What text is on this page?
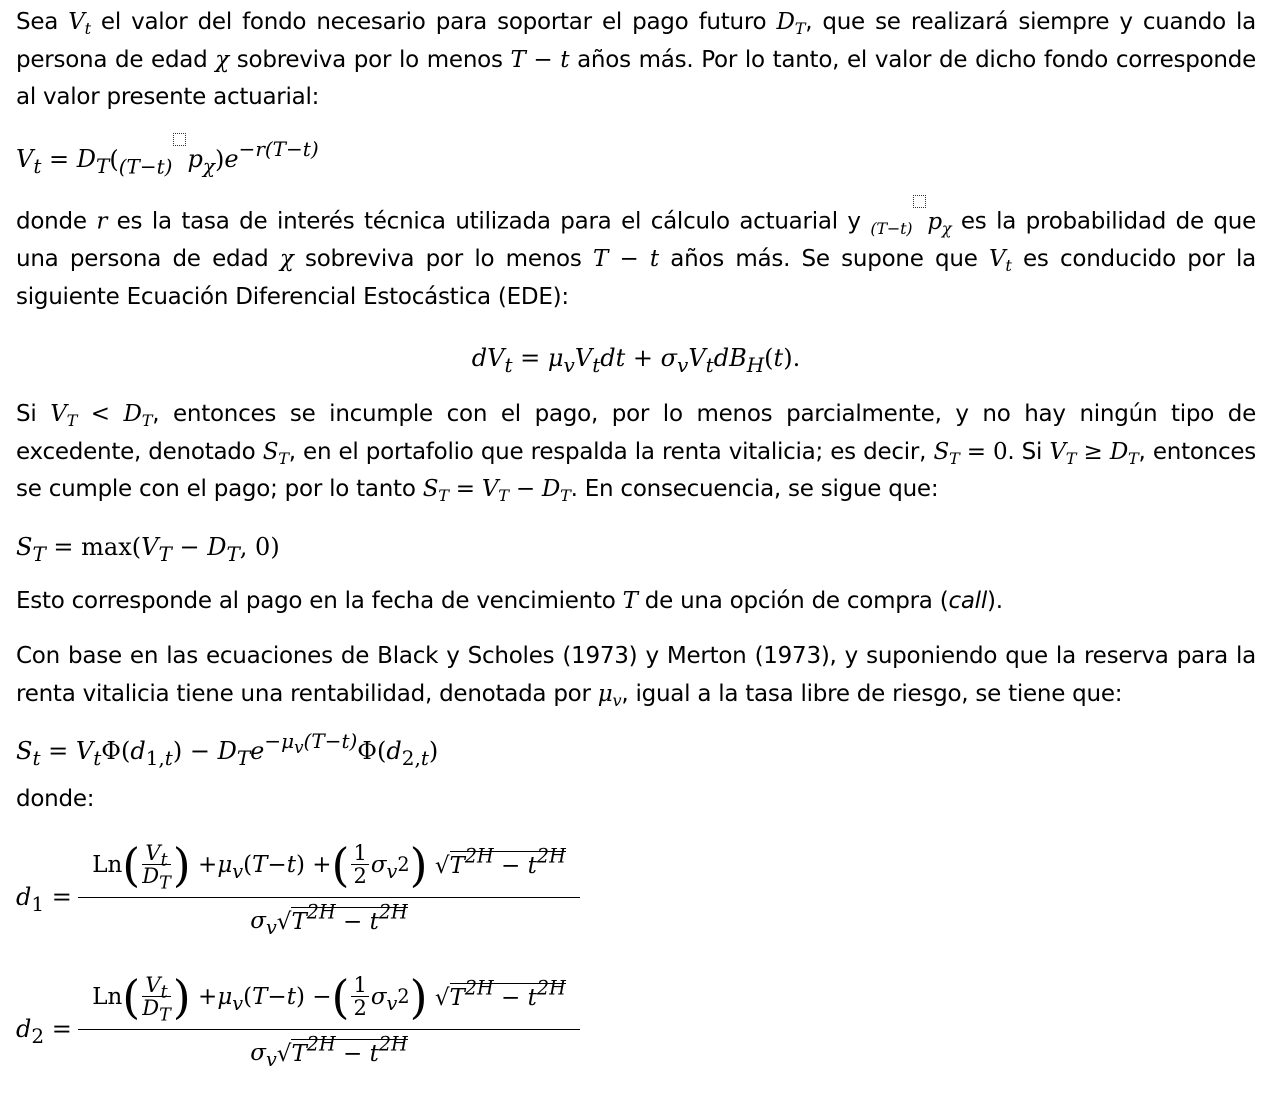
Sea $V_t$ el valor del fondo necesario para soportar el pago futuro $D_T$, que se realizará siempre y cuando la persona de edad χ sobreviva por lo menos T − t años más. Por lo tanto, el valor de dicho fondo corresponde al valor presente actuarial:

$V_t = D_T(_{(T-t)}$ $p_\chi)e^{-r(T-t)}$

donde r es la tasa de interés técnica utilizada para el cálculo actuarial y $_{(T-t)}$ $p_\chi$ es la probabilidad de que una persona de edad χ sobreviva por lo menos T − t años más. Se supone que $V_t$ es conducido por la siguiente Ecuación Diferencial Estocástica (EDE):

$dV_t = \mu_vV_tdt + \sigma_vV_tdB_H(t)$.

Si $V_T < D_T$, entonces se incumple con el pago, por lo menos parcialmente, y no hay ningún tipo de excedente, denotado $S_T$, en el portafolio que respalda la renta vitalicia; es decir, $S_T = 0$. Si $V_T \ge D_T$, entonces se cumple con el pago; por lo tanto $S_T = V_T - D_T$. En consecuencia, se sigue que:

$S_T = \max(V_T - D_T$, 0)

Esto corresponde al pago en la fecha de vencimiento T de una opción de compra (call).

Con base en las ecuaciones de Black y Scholes (1973) y Merton (1973), y suponiendo que la reserva para la renta vitalicia tiene una rentabilidad, denotada por $\mu_v$, igual a la tasa libre de riesgo, se tiene que:

$S_t = V_t\Phi(d_{1,t}) - D_Te^{-\mu_v(T-t)}\Phi(d_{2,t})$

donde:

$d_1$ =
Ln ( $\frac{V_t}{D_T}$ ) + $\mu_v$ ( T − t ) + ( $\frac{1}{2} \sigma_v$ 2 )
$√T^{2H} - t^{2H}$
$\sigma_v$ $√T^{2H} - t^{2H}$
$d_2$ =
Ln ( $\frac{V_t}{D_T}$ ) + $\mu_v$ ( T − t ) − ( $\frac{1}{2} \sigma_v$ 2 )
$√T^{2H} - t^{2H}$
$\sigma_v$ $√T^{2H} - t^{2H}$
